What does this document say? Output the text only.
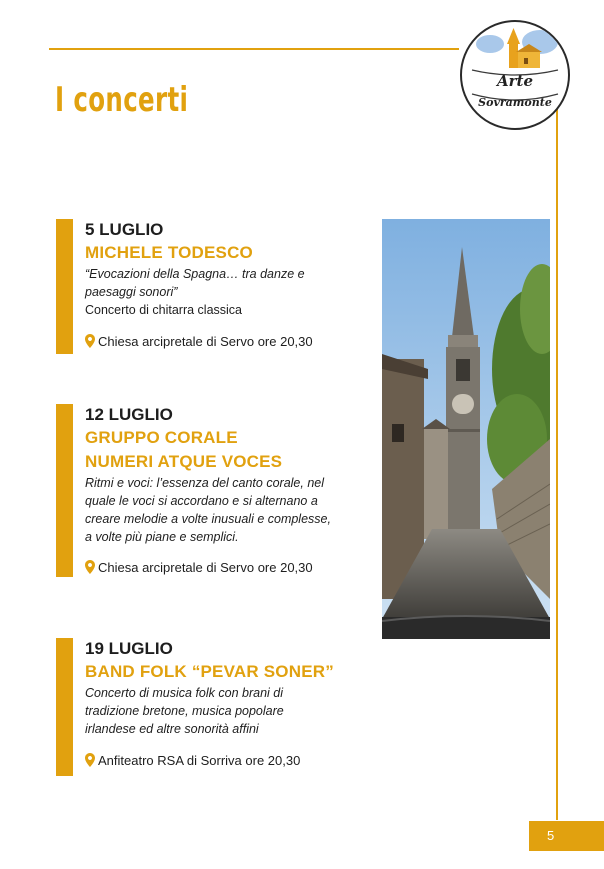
Arte
Sovramonte
I concerti
5 LUGLIO
MICHELE TODESCO
“Evocazioni della Spagna… tra danze e
paesaggi sonori”
Concerto di chitarra classica
Chiesa arcipretale di Servo ore 20,30
12 LUGLIO
GRUPPO CORALE
NUMERI ATQUE VOCES
Ritmi e voci: l’essenza del canto corale, nel
quale le voci si accordano e si alternano a
creare melodie a volte inusuali e complesse,
a volte più piane e semplici.
Chiesa arcipretale di Servo ore 20,30
19 LUGLIO
BAND FOLK “PEVAR SONER”
Concerto di musica folk con brani di
tradizione bretone, musica popolare
irlandese ed altre sonorità affini
Anfiteatro RSA di Sorriva ore 20,30
5
